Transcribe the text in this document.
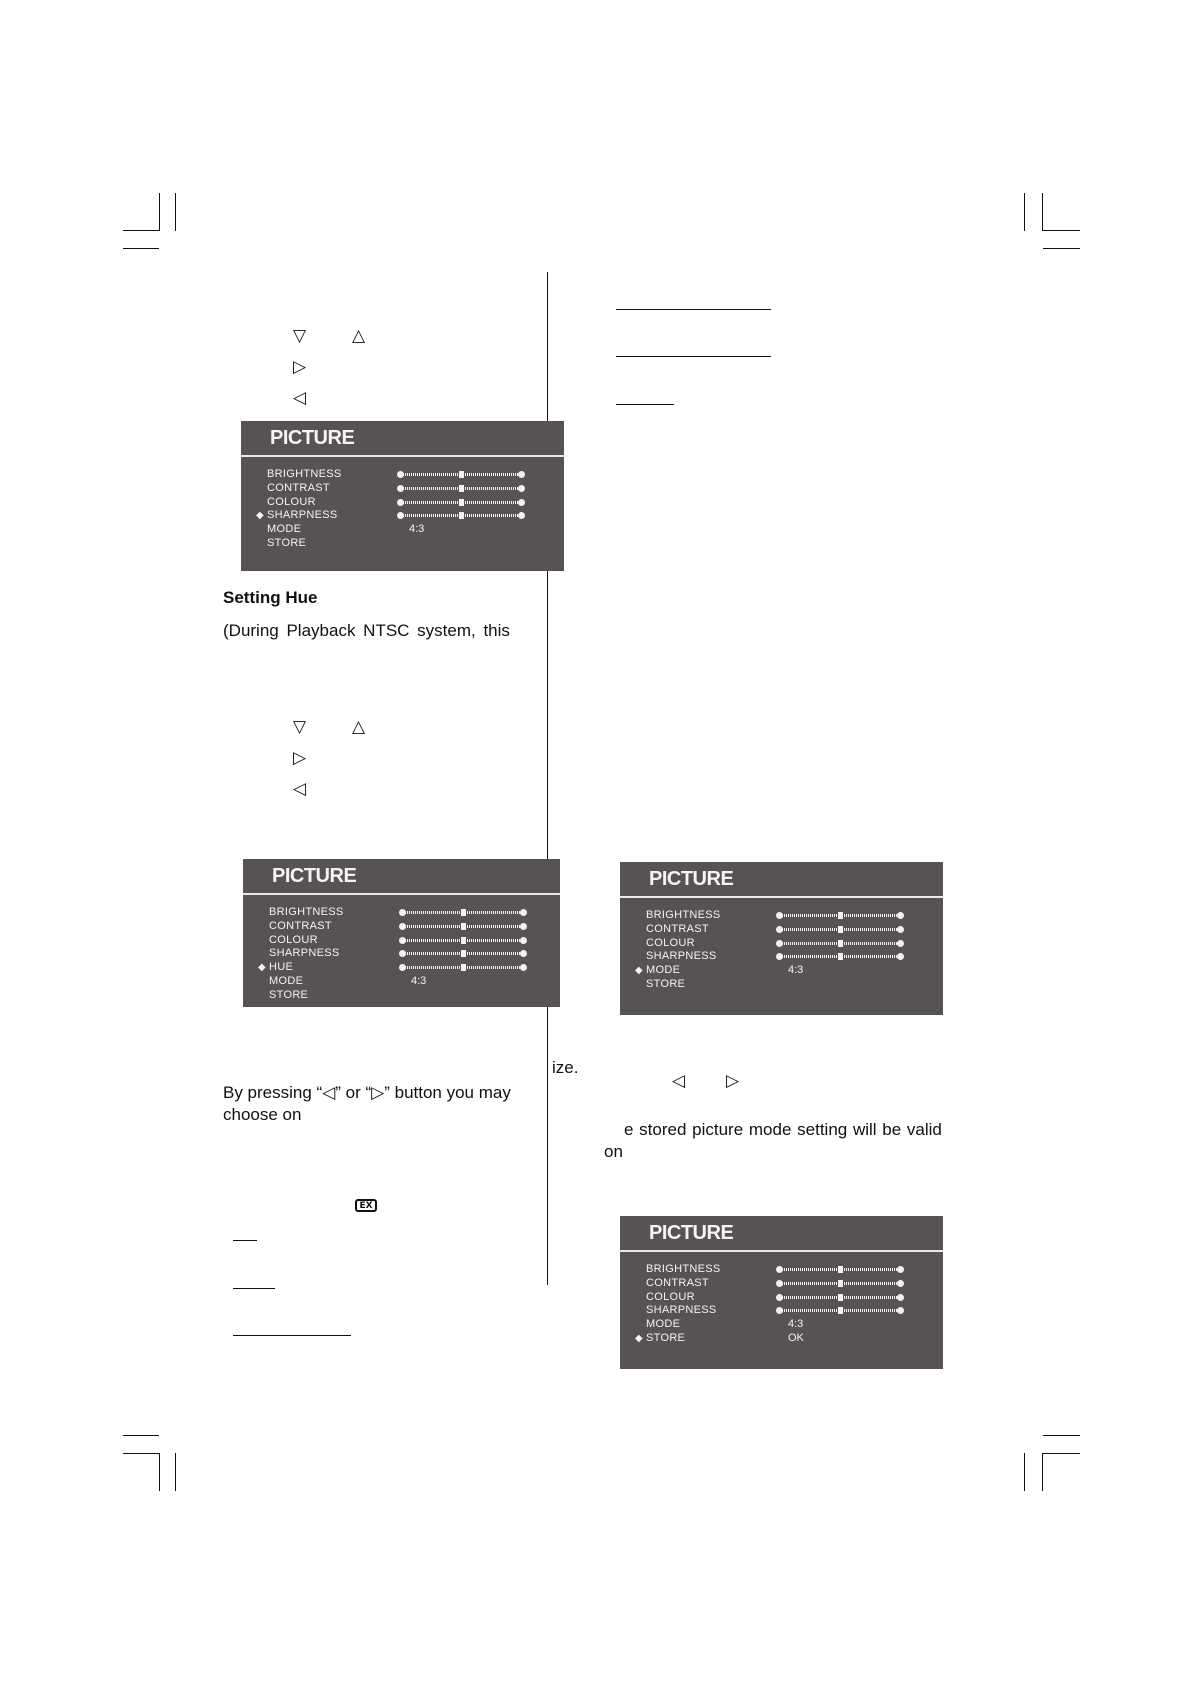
▽	△
▷
◁
PICTURE
BRIGHTNESS
CONTRAST
COLOUR
◆ SHARPNESS
MODE	4:3
STORE
Setting Hue

(During Playback NTSC system, this

▽	△
▷
◁
PICTURE
BRIGHTNESS
CONTRAST
COLOUR
SHARPNESS
◆ HUE
MODE	4:3
STORE
ize.

By pressing “◁” or “▷” button you may

choose on

EX
PICTURE
BRIGHTNESS
CONTRAST
COLOUR
SHARPNESS
◆ MODE	4:3
STORE
◁ ▷

e stored picture mode setting will be valid

on

PICTURE
BRIGHTNESS
CONTRAST
COLOUR
SHARPNESS
MODE	4:3
◆ STORE	OK
